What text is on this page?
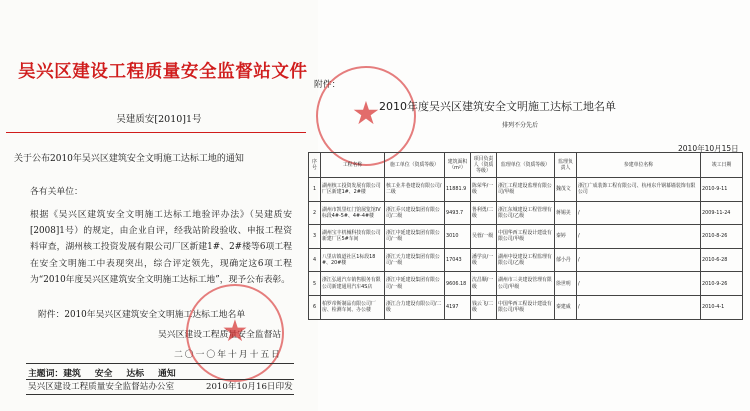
吴兴区建设工程质量安全监督站文件
吴建质安[2010]1号
关于公布2010年吴兴区建筑安全文明施工达标工地的通知
各有关单位：
根据《吴兴区建筑安全文明施工达标工地验评办法》（吴建质安[2008]1号）的规定，由企业自评，经我站阶段验收、申报工程资料审查，湖州核工投资发展有限公司厂区新建1#、2#楼等6项工程在安全文明施工中表现突出，综合评定领先，现确定这6项工程为“2010年度吴兴区建筑安全文明施工达标工地”，现予公布表彰。
附件：2010年吴兴区建筑安全文明施工达标工地名单
吴兴区建设工程质量安全监督站
二〇一〇年十月十五日
★
主题词：建筑 安全 达标 通知
吴兴区建设工程质量安全监督站办公室	2010年10月16日印发
附件：
★
2010年度吴兴区建筑安全文明施工达标工地名单
排列不分先后
2010年10月15日
序号	工程名称	施工单位（资质等级）	建筑面积（m²）	项目负责人（资质等级）	监理单位（资质等级）	监理负责人	参建单位名称	竣工日期
1	湖州核工投资发展有限公司厂区新建1#、2#楼	核工业井巷建设有限公司/二级	11881.9	陈荣华/一级	浙江工程建设监理有限公司/甲级	魏茂文	浙江广成装饰工程有限公司、杭州东升钢幕墙装饰有限公司	2010-9-11
2	湖州市凯里红门馆展览馆IV标段4#-5#、4#-4#楼	浙江乔兴建设集团有限公司/二级	9493.7	鲁利勇/二级	浙江东城建设工程管理有限公司/乙级	蒋锡美	/	2009-11-24
3	湖州宝丰机械科技有限公司新建厂区5#车间	浙江中延建设集团有限公司/一级	3010	吴蓉/一级	中国华西工程设计建设有限公司/甲级	秦婷	/	2010-8-26
4	八里店镇道社区1标段18#、20#楼	浙江天力建设集团有限公司/一级	17043	潘学良/一级	湖州中设建设工程监理有限公司/乙级	郁小丹	/	2010-6-28
5	浙江弘通汽车销售服务有限公司新建通用汽车4S店	浙江中延建设集团有限公司/一级	9606.18	沈昌顺/一级	湖州市三美建设管理有限公司/甲级	徐世明	/	2010-9-26
6	柏罗帝斯制品有限公司厂房、检测车间、办公楼	浙江合力建设有限公司/二级	4197	钱云飞/二级	中国华西工程设计建设有限公司/甲级	秦建威	/	2010-4-1
